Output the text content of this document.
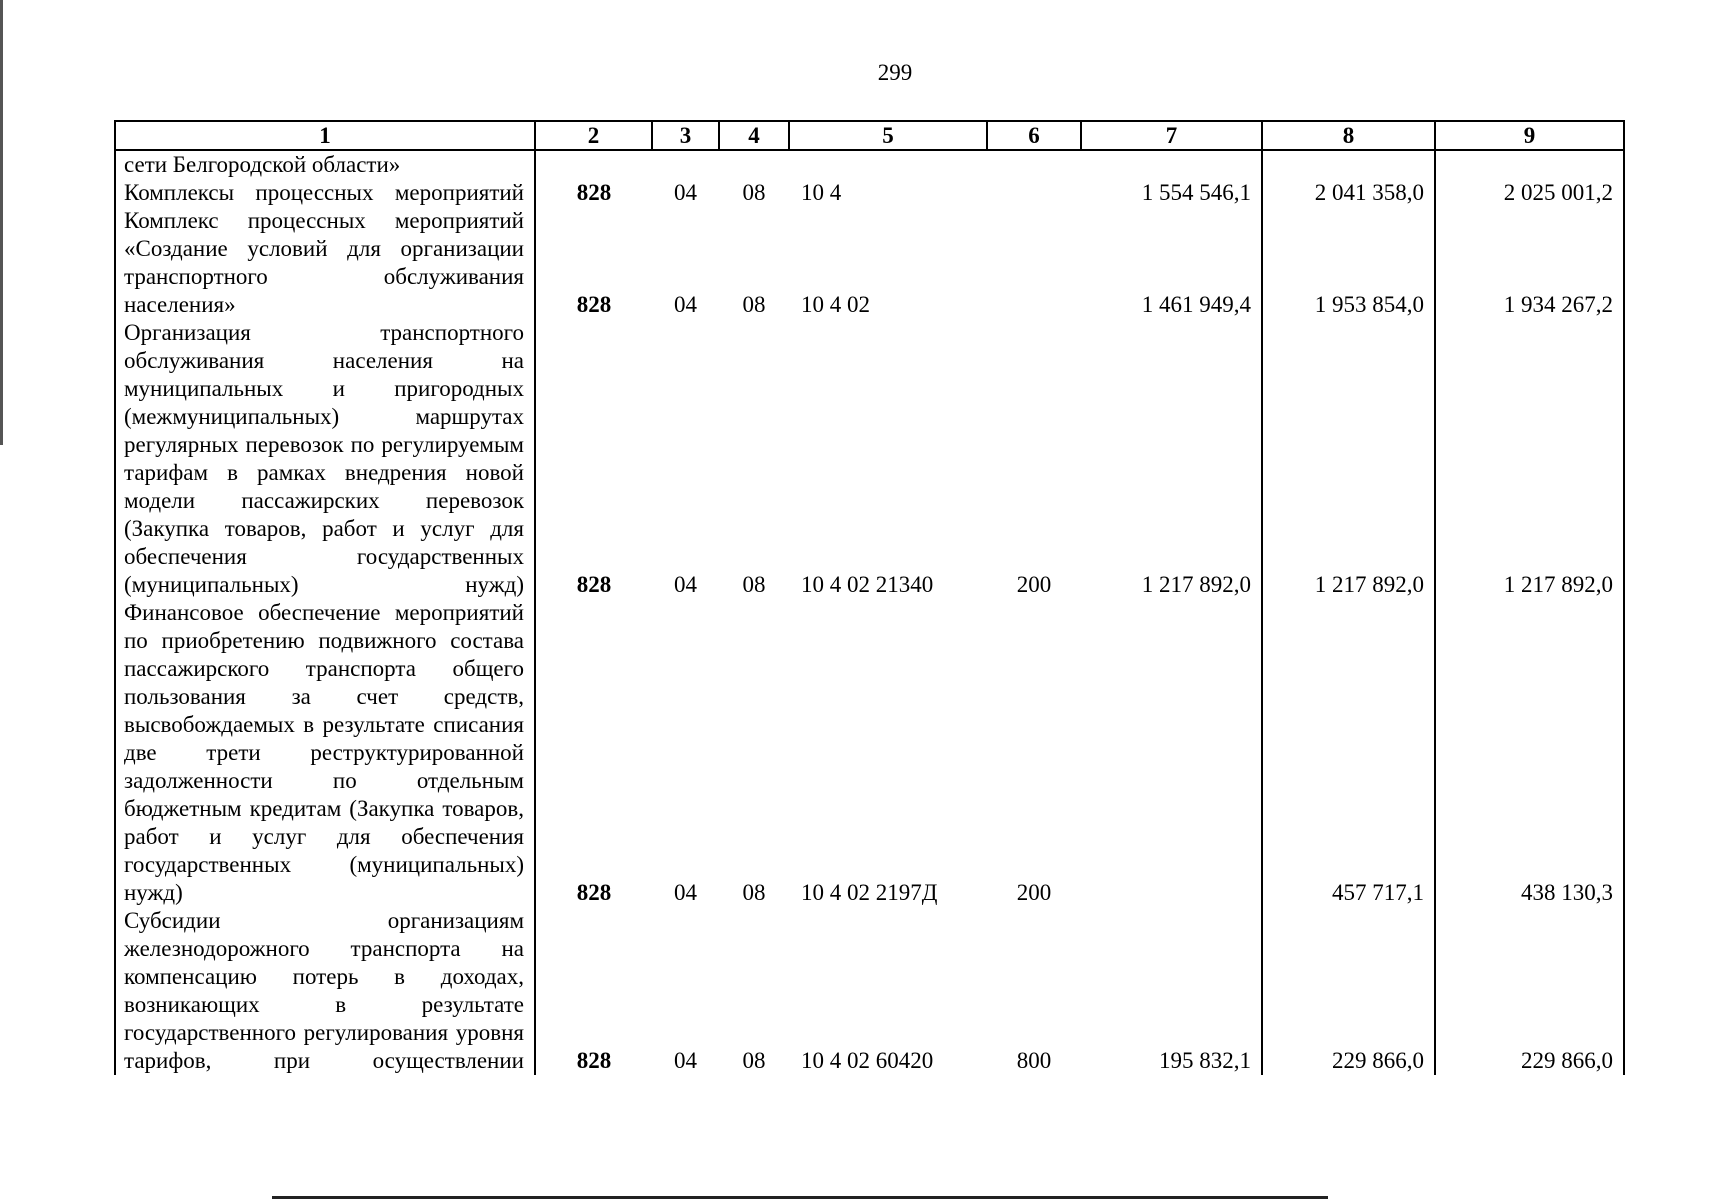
299
1	2	3	4	5	6	7	8	9
сети Белгородской области»								
Комплексы процессных мероприятий	828	04	08	10 4		1 554 546,1	2 041 358,0	2 025 001,2
Комплекс процессных мероприятий «Создание условий для организации транспортного обслуживания населения»	828	04	08	10 4 02		1 461 949,4	1 953 854,0	1 934 267,2
Организация транспортного обслуживания населения на муниципальных и пригородных (межмуниципальных) маршрутах регулярных перевозок по регулируемым тарифам в рамках внедрения новой модели пассажирских перевозок (Закупка товаров, работ и услуг для обеспечения государственных (муниципальных) нужд)	828	04	08	10 4 02 21340	200	1 217 892,0	1 217 892,0	1 217 892,0
Финансовое обеспечение мероприятий по приобретению подвижного состава пассажирского транспорта общего пользования за счет средств, высвобождаемых в результате списания две трети реструктурированной задолженности по отдельным бюджетным кредитам (Закупка товаров, работ и услуг для обеспечения государственных (муниципальных) нужд)	828	04	08	10 4 02 2197Д	200		457 717,1	438 130,3
Субсидии организациям железнодорожного транспорта на компенсацию потерь в доходах, возникающих в результате государственного регулирования уровня тарифов, при осуществлении	828	04	08	10 4 02 60420	800	195 832,1	229 866,0	229 866,0
